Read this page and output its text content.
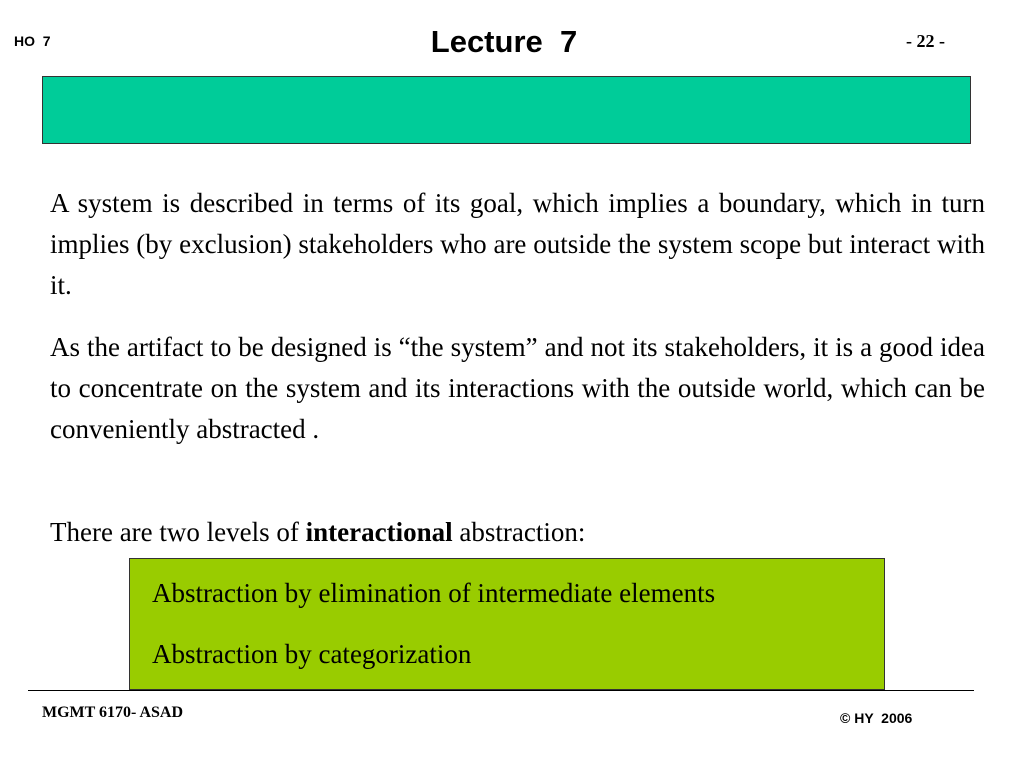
HO  7	Lecture  7	- 22 -
A system is described in terms of its goal, which implies a boundary, which in turn implies (by exclusion) stakeholders who are outside the system scope but interact with it.
As the artifact to be designed is “the system” and not its stakeholders, it is a good idea to concentrate on the system and its interactions with the outside world, which can be conveniently abstracted .
There are two levels of interactional abstraction:
Abstraction by elimination of intermediate elements
Abstraction by categorization
MGMT 6170- ASAD	© HY  2006
